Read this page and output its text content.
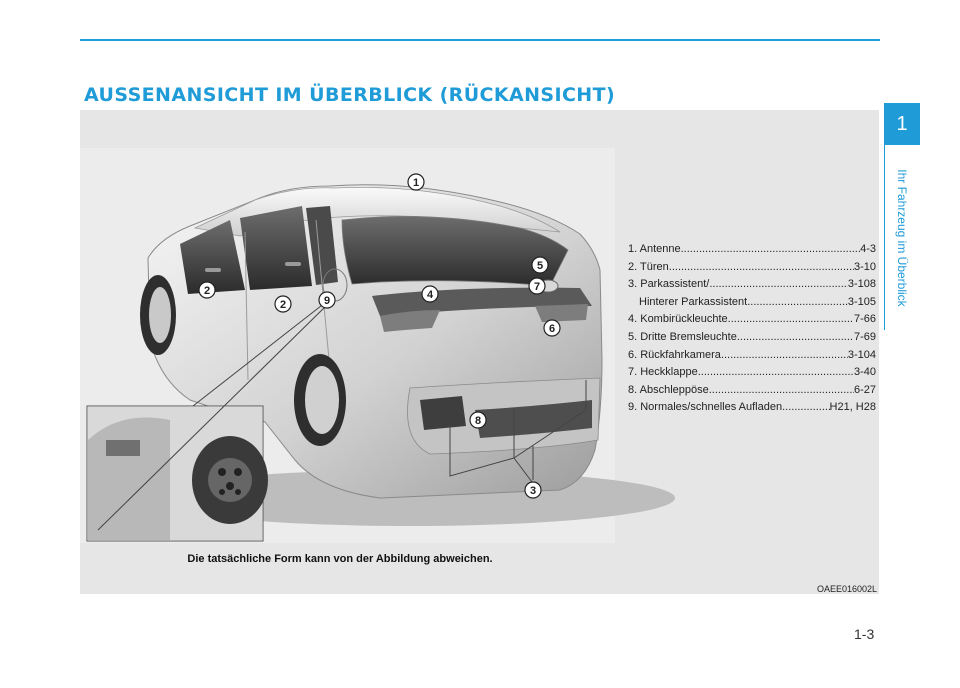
AUSSENANSICHT IM ÜBERBLICK (RÜCKANSICHT)
1
Ihr Fahrzeug im Überblick
1
2
2	9	4
5
7
6
8
3
1. Antenne .....	4-3
2. Türen .....	3-10
3. Parkassistent/ .....	3-108
Hinterer Parkassistent .....	3-105
4. Kombirückleuchte .....	7-66
5. Dritte Bremsleuchte .....	7-69
6. Rückfahrkamera .....	3-104
7. Heckklappe .....	3-40
8. Abschleppöse .....	6-27
9. Normales/schnelles Aufladen .....	H21, H28
Die tatsächliche Form kann von der Abbildung abweichen.
OAEE016002L
1-3
